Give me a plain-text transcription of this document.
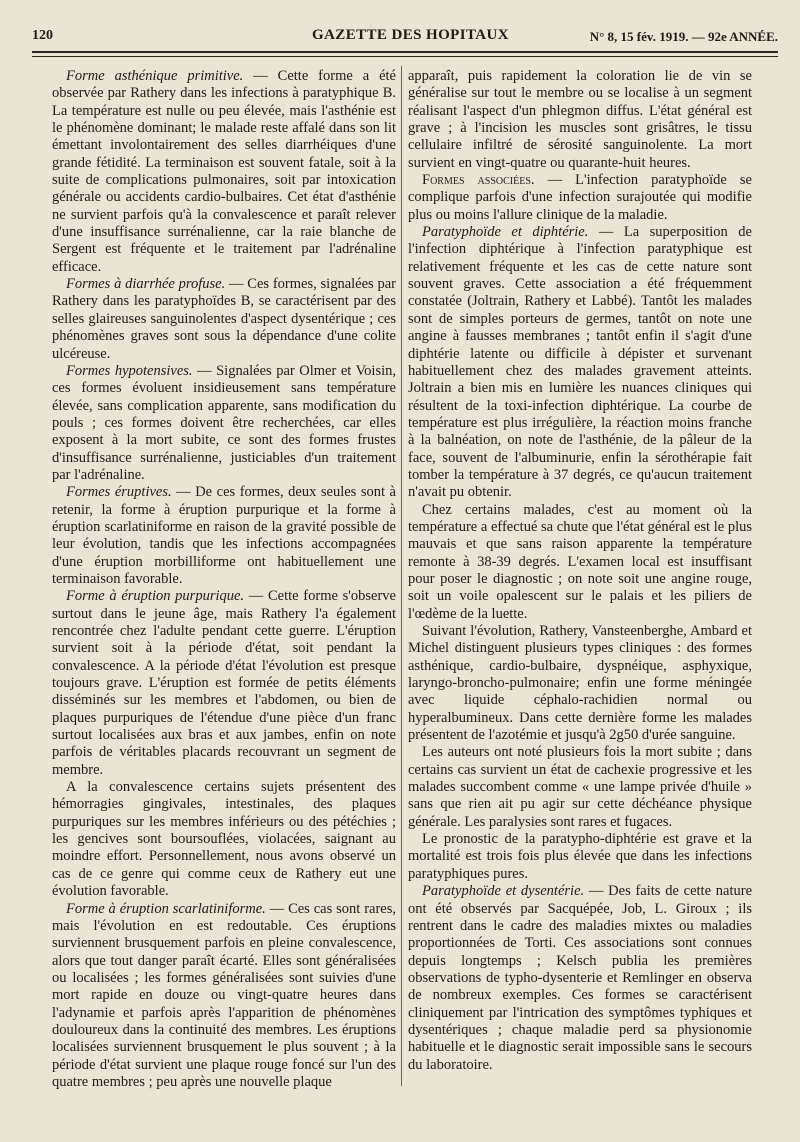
120	GAZETTE DES HOPITAUX	N° 8, 15 fév. 1919. — 92e ANNÉE.

Forme asthénique primitive. — Cette forme a été observée par Rathery dans les infections à paratyphique B. La température est nulle ou peu élevée, mais l'asthénie est le phénomène dominant; le malade reste affalé dans son lit émettant involontairement des selles diarrhéiques d'une grande fétidité. La terminaison est souvent fatale, soit à la suite de complications pulmonaires, soit par intoxication générale ou accidents cardio-bulbaires. Cet état d'asthénie ne survient parfois qu'à la convalescence et paraît relever d'une insuffisance surrénalienne, car la raie blanche de Sergent est fréquente et le traitement par l'adrénaline efficace.

Formes à diarrhée profuse. — Ces formes, signalées par Rathery dans les paratyphoïdes B, se caractérisent par des selles glaireuses sanguinolentes d'aspect dysentérique ; ces phénomènes graves sont sous la dépendance d'une colite ulcéreuse.

Formes hypotensives. — Signalées par Olmer et Voisin, ces formes évoluent insidieusement sans température élevée, sans complication apparente, sans modification du pouls ; ces formes doivent être recherchées, car elles exposent à la mort subite, ce sont des formes frustes d'insuffisance surrénalienne, justiciables d'un traitement par l'adrénaline.

Formes éruptives. — De ces formes, deux seules sont à retenir, la forme à éruption purpurique et la forme à éruption scarlatiniforme en raison de la gravité possible de leur évolution, tandis que les infections accompagnées d'une éruption morbilliforme ont habituellement une terminaison favorable.

Forme à éruption purpurique. — Cette forme s'observe surtout dans le jeune âge, mais Rathery l'a également rencontrée chez l'adulte pendant cette guerre. L'éruption survient soit à la période d'état, soit pendant la convalescence. A la période d'état l'évolution est presque toujours grave. L'éruption est formée de petits éléments disséminés sur les membres et l'abdomen, ou bien de plaques purpuriques de l'étendue d'une pièce d'un franc surtout localisées aux bras et aux jambes, enfin on note parfois de véritables placards recouvrant un segment de membre.

A la convalescence certains sujets présentent des hémorragies gingivales, intestinales, des plaques purpuriques sur les membres inférieurs ou des pétéchies ; les gencives sont boursouflées, violacées, saignant au moindre effort. Personnellement, nous avons observé un cas de ce genre qui comme ceux de Rathery eut une évolution favorable.

Forme à éruption scarlatiniforme. — Ces cas sont rares, mais l'évolution en est redoutable. Ces éruptions surviennent brusquement parfois en pleine convalescence, alors que tout danger paraît écarté. Elles sont généralisées ou localisées ; les formes généralisées sont suivies d'une mort rapide en douze ou vingt-quatre heures dans l'adynamie et parfois après l'apparition de phénomènes douloureux dans la continuité des membres. Les éruptions localisées surviennent brusquement le plus souvent ; à la période d'état survient une plaque rouge foncé sur l'un des quatre membres ; peu après une nouvelle plaque

apparaît, puis rapidement la coloration lie de vin se généralise sur tout le membre ou se localise à un segment réalisant l'aspect d'un phlegmon diffus. L'état général est grave ; à l'incision les muscles sont grisâtres, le tissu cellulaire infiltré de sérosité sanguinolente. La mort survient en vingt-quatre ou quarante-huit heures.

Formes associées. — L'infection paratyphoïde se complique parfois d'une infection surajoutée qui modifie plus ou moins l'allure clinique de la maladie.

Paratyphoïde et diphtérie. — La superposition de l'infection diphtérique à l'infection paratyphique est relativement fréquente et les cas de cette nature sont souvent graves. Cette association a été fréquemment constatée (Joltrain, Rathery et Labbé). Tantôt les malades sont de simples porteurs de germes, tantôt on note une angine à fausses membranes ; tantôt enfin il s'agit d'une diphtérie latente ou difficile à dépister et survenant habituellement chez des malades gravement atteints. Joltrain a bien mis en lumière les nuances cliniques qui résultent de la toxi-infection diphtérique. La courbe de température est plus irrégulière, la réaction moins franche à la balnéation, on note de l'asthénie, de la pâleur de la face, souvent de l'albuminurie, enfin la sérothérapie fait tomber la température à 37 degrés, ce qu'aucun traitement n'avait pu obtenir.

Chez certains malades, c'est au moment où la température a effectué sa chute que l'état général est le plus mauvais et que sans raison apparente la température remonte à 38-39 degrés. L'examen local est insuffisant pour poser le diagnostic ; on note soit une angine rouge, soit un voile opalescent sur le palais et les piliers de l'œdème de la luette.

Suivant l'évolution, Rathery, Vansteenberghe, Ambard et Michel distinguent plusieurs types cliniques : des formes asthénique, cardio-bulbaire, dyspnéique, asphyxique, laryngo-broncho-pulmonaire; enfin une forme méningée avec liquide céphalo-rachidien normal ou hyperalbumineux. Dans cette dernière forme les malades présentent de l'azotémie et jusqu'à 2g50 d'urée sanguine.

Les auteurs ont noté plusieurs fois la mort subite ; dans certains cas survient un état de cachexie progressive et les malades succombent comme « une lampe privée d'huile » sans que rien ait pu agir sur cette déchéance physique générale. Les paralysies sont rares et fugaces.

Le pronostic de la paratypho-diphtérie est grave et la mortalité est trois fois plus élevée que dans les infections paratyphiques pures.

Paratyphoïde et dysentérie. — Des faits de cette nature ont été observés par Sacquépée, Job, L. Giroux ; ils rentrent dans le cadre des maladies mixtes ou maladies proportionnées de Torti. Ces associations sont connues depuis longtemps ; Kelsch publia les premières observations de typho-dysenterie et Remlinger en observa de nombreux exemples. Ces formes se caractérisent cliniquement par l'intrication des symptômes typhiques et dysentériques ; chaque maladie perd sa physionomie habituelle et le diagnostic serait impossible sans le secours du laboratoire.
